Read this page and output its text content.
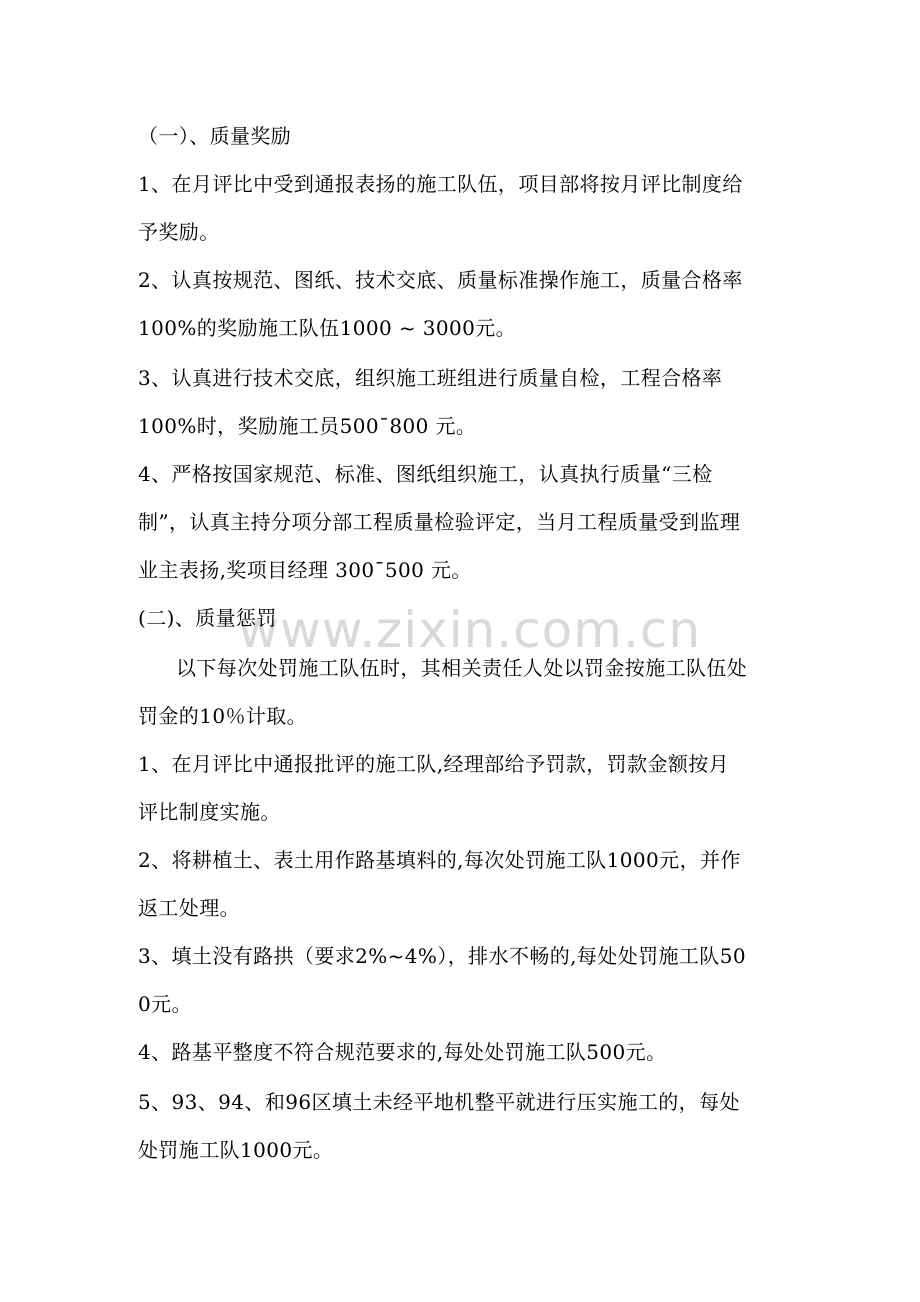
www.zixin.com.cn
（一）、质量奖励
1、在月评比中受到通报表扬的施工队伍，项目部将按月评比制度给
予奖励。
2、认真按规范、图纸、技术交底、质量标准操作施工，质量合格率
100%的奖励施工队伍1000 ~ 3000元。
3、认真进行技术交底，组织施工班组进行质量自检，工程合格率
100%时，奖励施工员500¯800 元。
4、严格按国家规范、标准、图纸组织施工，认真执行质量“三检
制”，认真主持分项分部工程质量检验评定，当月工程质量受到监理
业主表扬,奖项目经理 300¯500 元。
(二)、质量惩罚
以下每次处罚施工队伍时，其相关责任人处以罚金按施工队伍处
罚金的10％计取。
1、在月评比中通报批评的施工队,经理部给予罚款，罚款金额按月
评比制度实施。
2、将耕植土、表土用作路基填料的,每次处罚施工队1000元，并作
返工处理。
3、填土没有路拱（要求2%~4%），排水不畅的,每处处罚施工队50
0元。
4、路基平整度不符合规范要求的,每处处罚施工队500元。
5、93、94、和96区填土未经平地机整平就进行压实施工的，每处
处罚施工队1000元。
